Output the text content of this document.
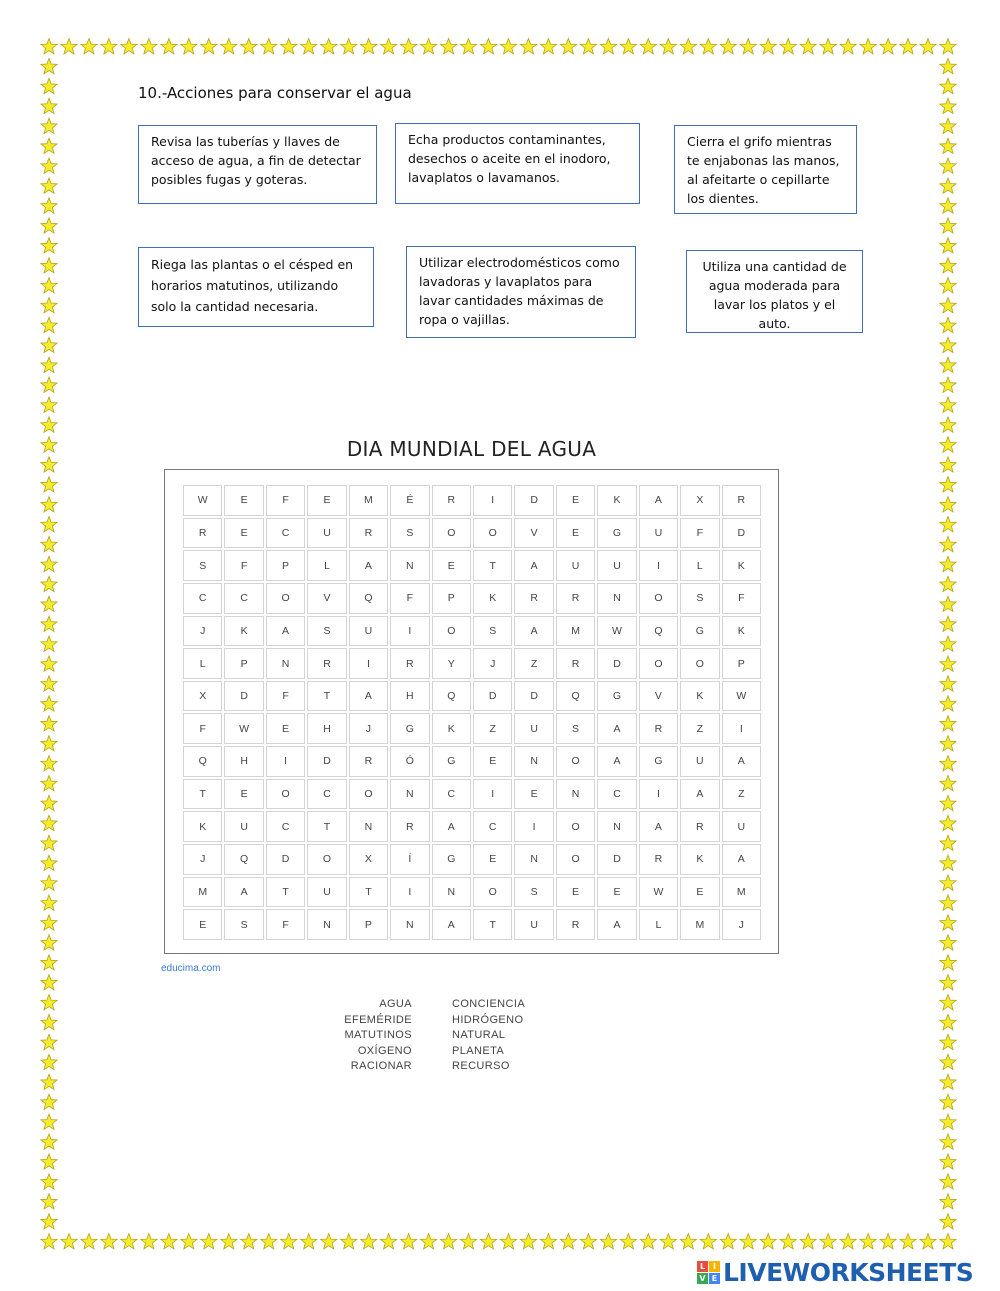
10.-Acciones para conservar el agua
Revisa las tuberías y llaves de acceso de agua, a fin de detectar posibles fugas y goteras.
Echa productos contaminantes, desechos o aceite en el inodoro, lavaplatos o lavamanos.
Cierra el grifo mientras te enjabonas las manos, al afeitarte o cepillarte los dientes.
Riega las plantas o el césped en horarios matutinos, utilizando solo la cantidad necesaria.
Utilizar electrodomésticos como lavadoras y lavaplatos para lavar cantidades máximas de ropa o vajillas.
Utiliza una cantidad de agua moderada para lavar los platos y el auto.
DIA MUNDIAL DEL AGUA
W	E	F	E	M	É	R	I	D	E	K	A	X	R
R	E	C	U	R	S	O	O	V	E	G	U	F	D
S	F	P	L	A	N	E	T	A	U	U	I	L	K
C	C	O	V	Q	F	P	K	R	R	N	O	S	F
J	K	A	S	U	I	O	S	A	M	W	Q	G	K
L	P	N	R	I	R	Y	J	Z	R	D	O	O	P
X	D	F	T	A	H	Q	D	D	Q	G	V	K	W
F	W	E	H	J	G	K	Z	U	S	A	R	Z	I
Q	H	I	D	R	Ó	G	E	N	O	A	G	U	A
T	E	O	C	O	N	C	I	E	N	C	I	A	Z
K	U	C	T	N	R	A	C	I	O	N	A	R	U
J	Q	D	O	X	Í	G	E	N	O	D	R	K	A
M	A	T	U	T	I	N	O	S	E	E	W	E	M
E	S	F	N	P	N	A	T	U	R	A	L	M	J
educima.com
AGUA
EFEMÉRIDE
MATUTINOS
OXÍGENO
RACIONAR
CONCIENCIA
HIDRÓGENO
NATURAL
PLANETA
RECURSO
L I
V E LIVEWORKSHEETS
